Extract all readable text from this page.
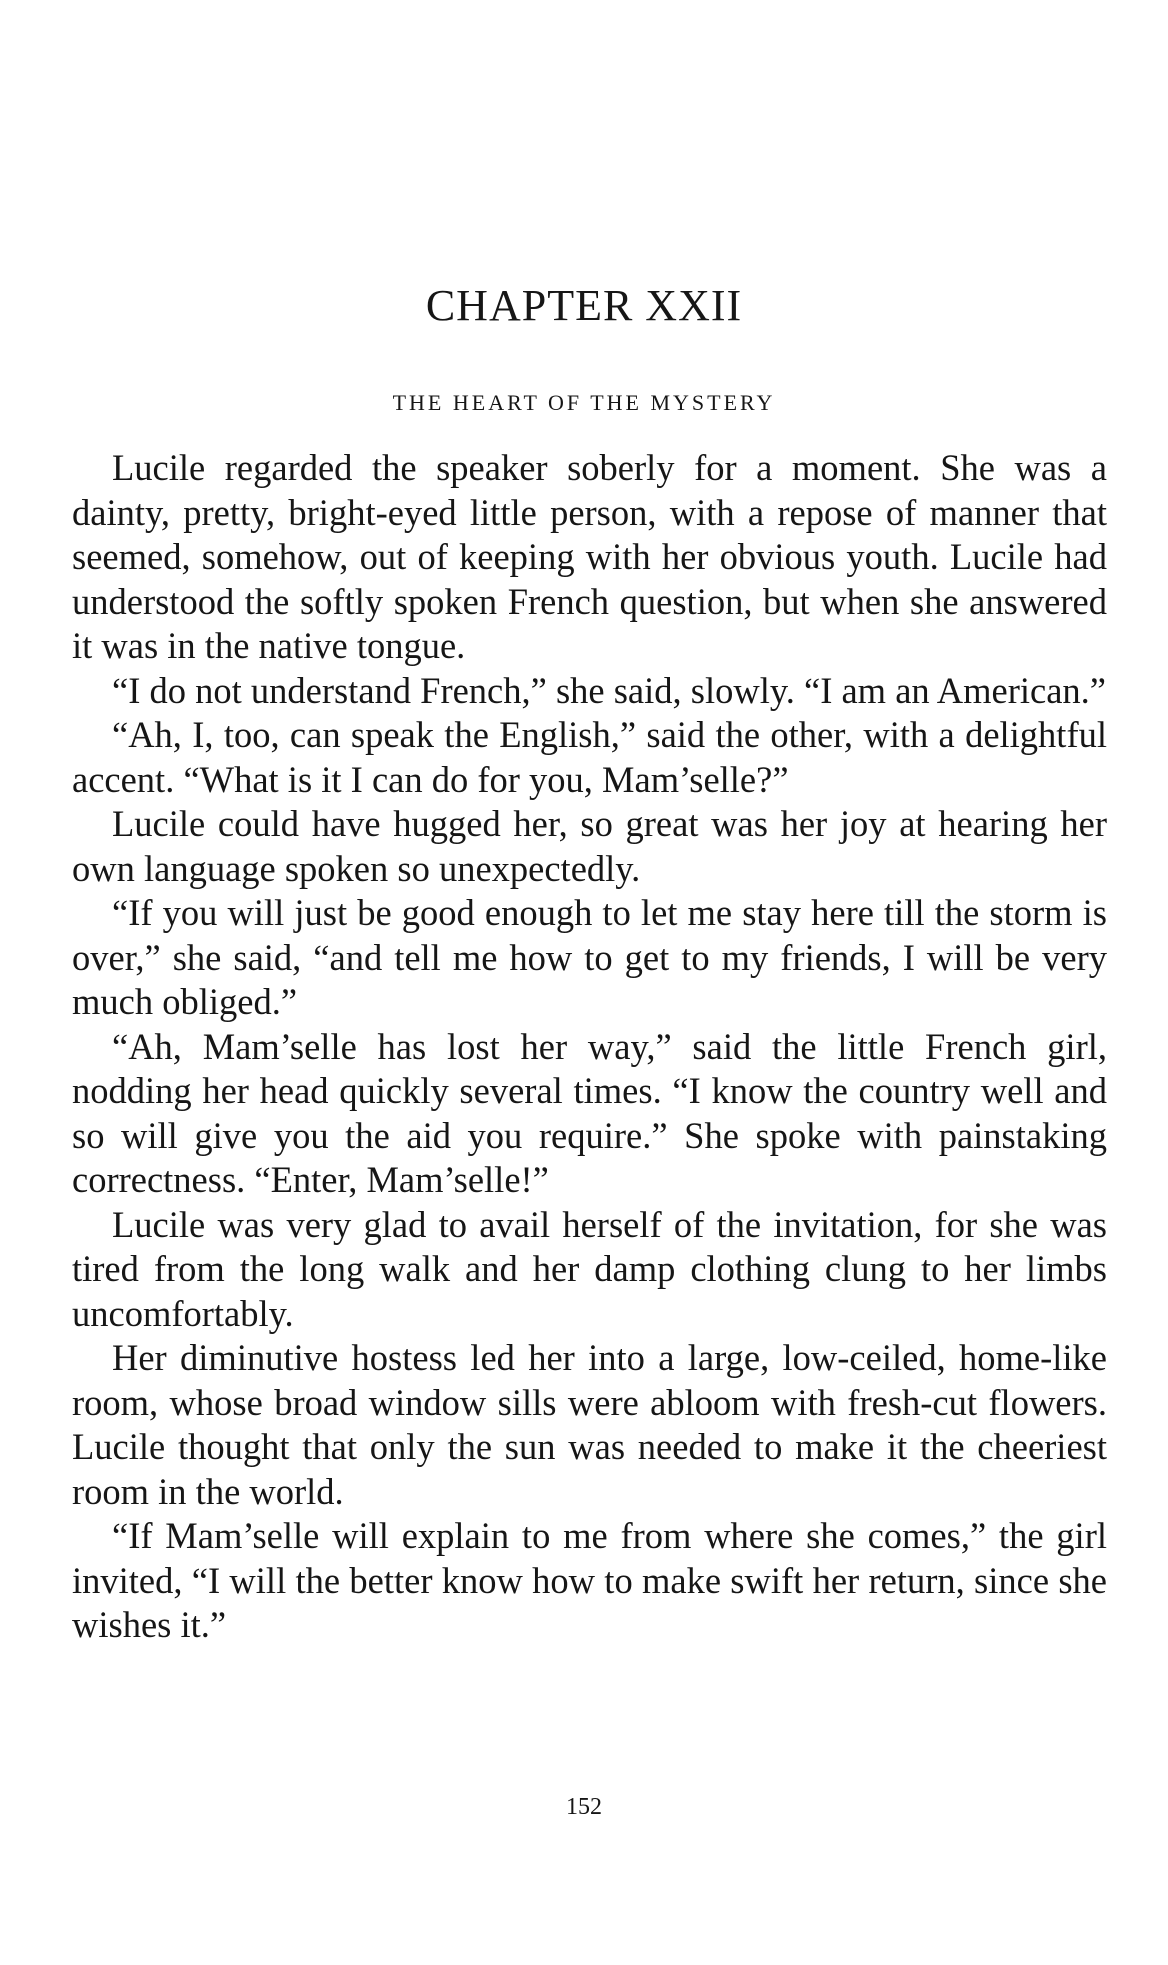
CHAPTER XXII
THE HEART OF THE MYSTERY

Lucile regarded the speaker soberly for a moment. She was a dainty, pretty, bright-eyed little person, with a repose of manner that seemed, somehow, out of keeping with her obvious youth. Lucile had understood the softly spoken French question, but when she answered it was in the native tongue.

“I do not understand French,” she said, slowly. “I am an American.”

“Ah, I, too, can speak the English,” said the other, with a delightful accent. “What is it I can do for you, Mam’selle?”

Lucile could have hugged her, so great was her joy at hearing her own language spoken so unexpectedly.

“If you will just be good enough to let me stay here till the storm is over,” she said, “and tell me how to get to my friends, I will be very much obliged.”

“Ah, Mam’selle has lost her way,” said the little French girl, nodding her head quickly several times. “I know the country well and so will give you the aid you require.” She spoke with painstaking correctness. “Enter, Mam’selle!”

Lucile was very glad to avail herself of the invitation, for she was tired from the long walk and her damp clothing clung to her limbs uncomfortably.

Her diminutive hostess led her into a large, low-ceiled, home-like room, whose broad window sills were abloom with fresh-cut flowers. Lucile thought that only the sun was needed to make it the cheeriest room in the world.

“If Mam’selle will explain to me from where she comes,” the girl invited, “I will the better know how to make swift her return, since she wishes it.”

152
